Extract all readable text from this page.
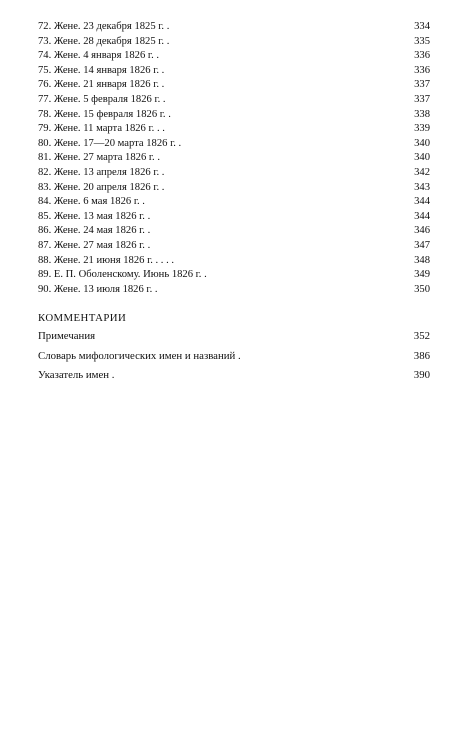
72. Жене. 23 декабря 1825 г. .	334
73. Жене. 28 декабря 1825 г. .	335
74. Жене. 4 января 1826 г. .	336
75. Жене. 14 января 1826 г. .	336
76. Жене. 21 января 1826 г. .	337
77. Жене. 5 февраля 1826 г. .	337
78. Жене. 15 февраля 1826 г. .	338
79. Жене. 11 марта 1826 г. . .	339
80. Жене. 17—20 марта 1826 г. .	340
81. Жене. 27 марта 1826 г. .	340
82. Жене. 13 апреля 1826 г. .	342
83. Жене. 20 апреля 1826 г. .	343
84. Жене. 6 мая 1826 г. .	344
85. Жене. 13 мая 1826 г. .	344
86. Жене. 24 мая 1826 г. .	346
87. Жене. 27 мая 1826 г. .	347
88. Жене. 21 июня 1826 г. . . . .	348
89. Е. П. Оболенскому. Июнь 1826 г. .	349
90. Жене. 13 июля 1826 г. .	350
КОММЕНТАРИИ
Примечания	352
Словарь мифологических имен и названий .	386
Указатель имен .	390
